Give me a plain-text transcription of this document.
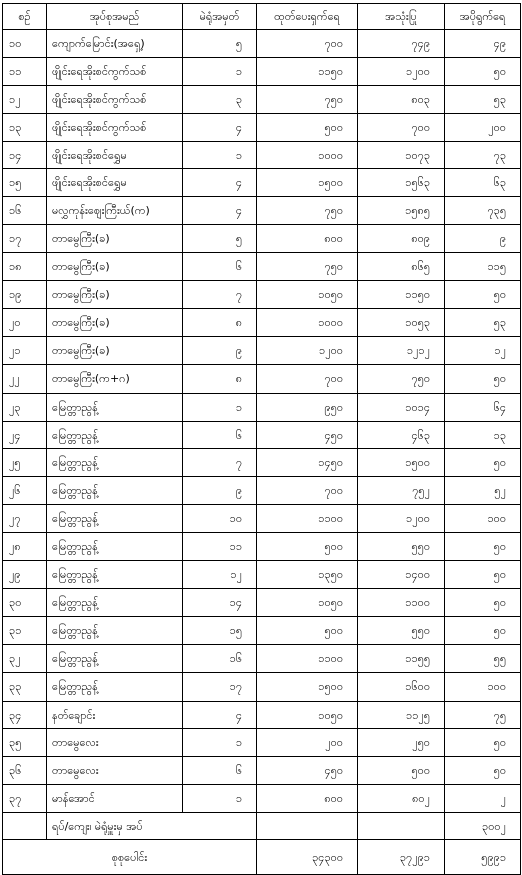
စဉ်	အုပ်စုအမည်	မဲရုံအမှတ်	ထုတ်ပေးရှက်ရေ	အသုံးပြု	အပိုရွက်ရေ
၁၀	ကျောက်မြောင်း(အရှေ့)	၅	၇၀၀	၇၄၉	၄၉
၁၁	ဖျိုင်းရေအိုးစင်ကွက်သစ်	၁	၁၁၅၀	၁၂၀၀	၅၀
၁၂	ဖျိုင်းရေအိုးစင်ကွက်သစ်	၃	၇၅၀	၈၀၃	၅၃
၁၃	ဖျိုင်းရေအိုးစင်ကွက်သစ်	၄	၅၀၀	၇၀၀	၂၀၀
၁၄	ဖျိုင်းရေအိုးစင်ရွှေမ	၁	၁၀၀၀	၁၀၇၃	၇၃
၁၅	ဖျိုင်းရေအိုးစင်ရွှေမ	၄	၁၅၀၀	၁၅၆၃	၆၃
၁၆	မလွှကုန်းဈေးကြီးယ်(က)	၄	၇၅၀	၁၅၈၅	၇၃၅
၁၇	တာမွေကြီး(ခ)	၅	၈၀၀	၈၀၉	၉
၁၈	တာမွေကြီး(ခ)	၆	၇၅၀	၈၆၅	၁၁၅
၁၉	တာမွေကြီး(ခ)	၇	၁၀၅၀	၁၁၅၀	၅၀
၂၀	တာမွေကြီး(ခ)	၈	၁၀၀၀	၁၀၅၃	၅၃
၂၁	တာမွေကြီး(ခ)	၉	၁၂၀၀	၁၂၁၂	၁၂
၂၂	တာမွေကြီး(က+ဂ)	၈	၇၀၀	၇၅၀	၅၀
၂၃	မြေတ္တာညွန့်	၁	၉၅၀	၁၀၁၄	၆၄
၂၄	မြေတ္တာညွန့်	၆	၄၅၀	၄၆၃	၁၃
၂၅	မြေတ္တာညွန့်	၇	၁၄၅၀	၁၅၀၀	၅၀
၂၆	မြေတ္တာညွန့်	၉	၇၀၀	၇၅၂	၅၂
၂၇	မြေတ္တာညွန့်	၁၀	၁၁၀၀	၁၂၀၀	၁၀၀
၂၈	မြေတ္တာညွန့်	၁၁	၅၀၀	၅၅၀	၅၀
၂၉	မြေတ္တာညွန့်	၁၂	၁၃၅၀	၁၄၀၀	၅၀
၃၀	မြေတ္တာညွန့်	၁၄	၁၀၅၀	၁၁၀၀	၅၀
၃၁	မြေတ္တာညွန့်	၁၅	၅၀၀	၅၅၀	၅၀
၃၂	မြေတ္တာညွန့်	၁၆	၁၁၀၀	၁၁၅၅	၅၅
၃၃	မြေတ္တာညွန့်	၁၇	၁၅၀၀	၁၆၀၀	၁၀၀
၃၄	နတ်ချောင်း	၄	၁၀၅၀	၁၁၂၅	၇၅
၃၅	တာမွေလေး	၁	၂၀၀	၂၅၀	၅၀
၃၆	တာမွေလေး	၆	၄၅၀	၅၀၀	၅၀
၃၇	မာန်အောင်	၁	၈၀၀	၈၀၂	၂
	ရပ်/ကျေး၊ မဲရုံမှူးမှ အပ်				၃၀၀၂
စုစုပေါင်း			၃၄၃၀၀	၃၇၂၉၁	၅၉၉၁
